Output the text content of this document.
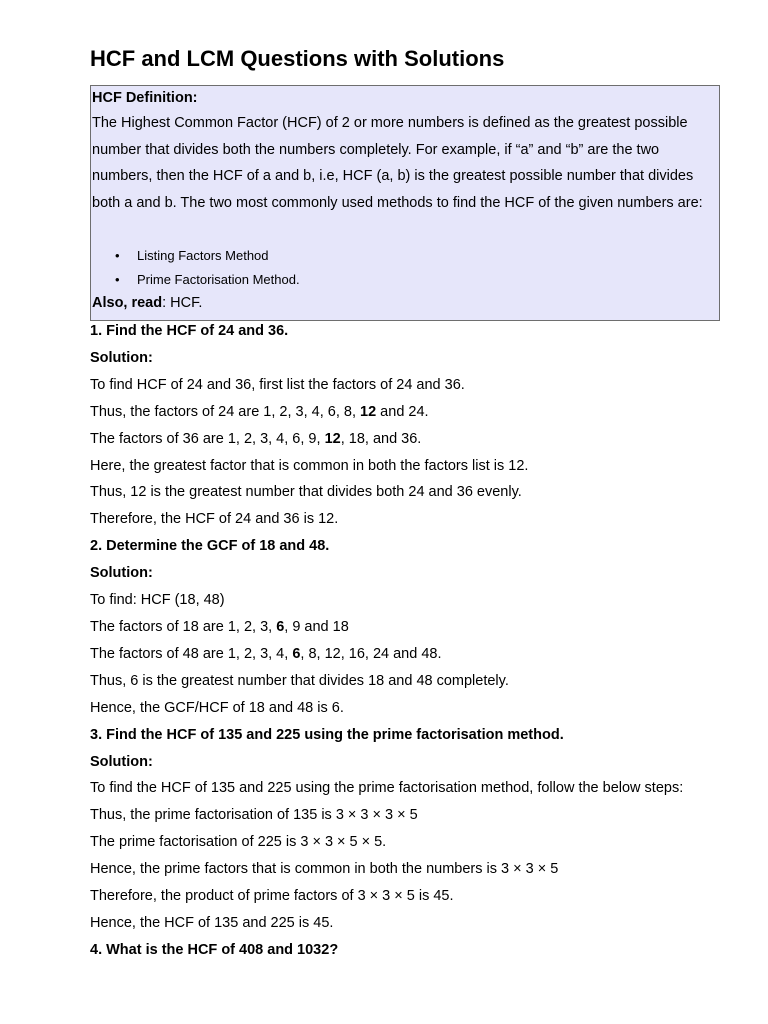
HCF and LCM Questions with Solutions
HCF Definition:
The Highest Common Factor (HCF) of 2 or more numbers is defined as the greatest possible number that divides both the numbers completely. For example, if “a” and “b” are the two numbers, then the HCF of a and b, i.e, HCF (a, b) is the greatest possible number that divides both a and b. The two most commonly used methods to find the HCF of the given numbers are:
• Listing Factors Method
• Prime Factorisation Method.
Also, read: HCF.
1. Find the HCF of 24 and 36.
Solution:
To find HCF of 24 and 36, first list the factors of 24 and 36.
Thus, the factors of 24 are 1, 2, 3, 4, 6, 8, 12 and 24.
The factors of 36 are 1, 2, 3, 4, 6, 9, 12, 18, and 36.
Here, the greatest factor that is common in both the factors list is 12.
Thus, 12 is the greatest number that divides both 24 and 36 evenly.
Therefore, the HCF of 24 and 36 is 12.
2. Determine the GCF of 18 and 48.
Solution:
To find: HCF (18, 48)
The factors of 18 are 1, 2, 3, 6, 9 and 18
The factors of 48 are 1, 2, 3, 4, 6, 8, 12, 16, 24 and 48.
Thus, 6 is the greatest number that divides 18 and 48 completely.
Hence, the GCF/HCF of 18 and 48 is 6.
3. Find the HCF of 135 and 225 using the prime factorisation method.
Solution:
To find the HCF of 135 and 225 using the prime factorisation method, follow the below steps:
Thus, the prime factorisation of 135 is 3 × 3 × 3 × 5
The prime factorisation of 225 is 3 × 3 × 5 × 5.
Hence, the prime factors that is common in both the numbers is 3 × 3 × 5
Therefore, the product of prime factors of 3 × 3 × 5 is 45.
Hence, the HCF of 135 and 225 is 45.
4. What is the HCF of 408 and 1032?
